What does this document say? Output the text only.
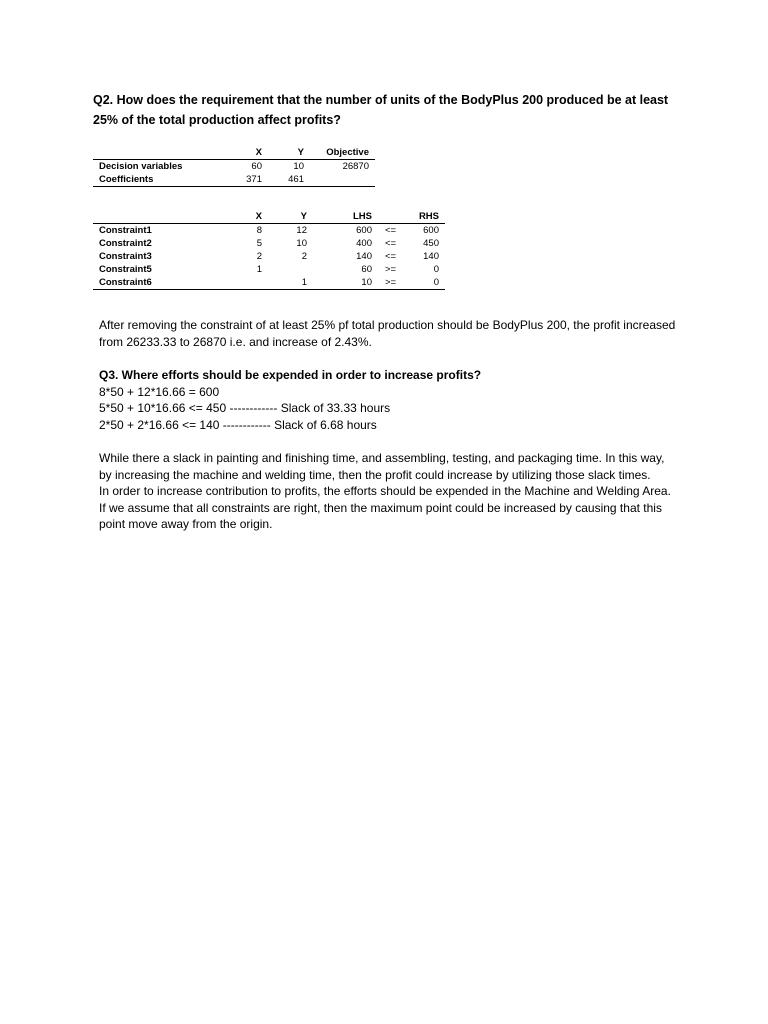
Q2. How does the requirement that the number of units of the BodyPlus 200 produced be at least 25% of the total production affect profits?
	X	Y	Objective
Decision variables	60	10	26870
Coefficients	371	461	
	X	Y	LHS		RHS
Constraint1	8	12	600	<=	600
Constraint2	5	10	400	<=	450
Constraint3	2	2	140	<=	140
Constraint5	1		60	>=	0
Constraint6		1	10	>=	0

After removing the constraint of at least 25% pf total production should be BodyPlus 200, the profit increased from 26233.33 to 26870 i.e. and increase of 2.43%.

Q3. Where efforts should be expended in order to increase profits?

8*50 + 12*16.66 = 600

5*50 + 10*16.66 <= 450 ------------ Slack of 33.33 hours

2*50 + 2*16.66 <= 140 ------------ Slack of 6.68 hours

While there a slack in painting and finishing time, and assembling, testing, and packaging time. In this way, by increasing the machine and welding time, then the profit could increase by utilizing those slack times.

In order to increase contribution to profits, the efforts should be expended in the Machine and Welding Area. If we assume that all constraints are right, then the maximum point could be increased by causing that this point move away from the origin.
